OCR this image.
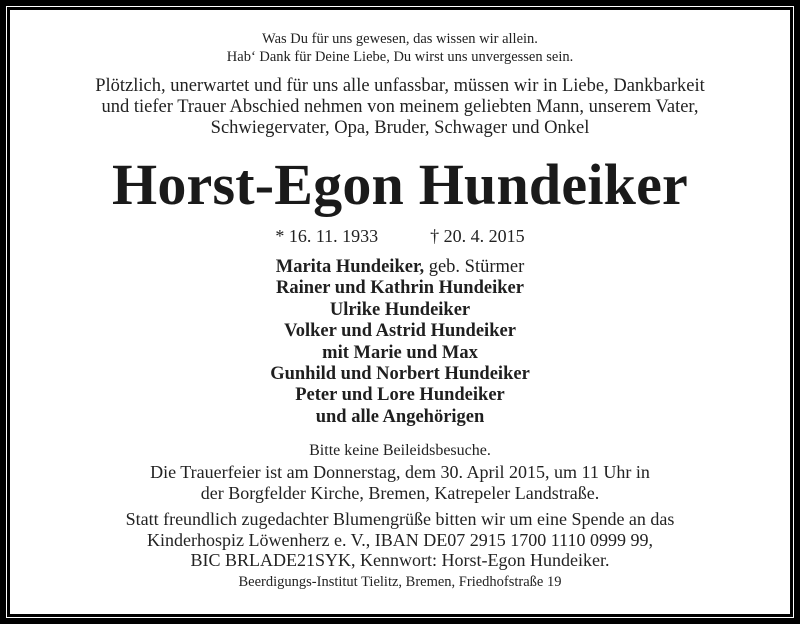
Was Du für uns gewesen, das wissen wir allein.
Hab‘ Dank für Deine Liebe, Du wirst uns unvergessen sein.
Plötzlich, unerwartet und für uns alle unfassbar, müssen wir in Liebe, Dankbarkeit
und tiefer Trauer Abschied nehmen von meinem geliebten Mann, unserem Vater,
Schwiegervater, Opa, Bruder, Schwager und Onkel
Horst-Egon Hundeiker
* 16. 11. 1933	† 20. 4. 2015
Marita Hundeiker, geb. Stürmer
Rainer und Kathrin Hundeiker
Ulrike Hundeiker
Volker und Astrid Hundeiker
mit Marie und Max
Gunhild und Norbert Hundeiker
Peter und Lore Hundeiker
und alle Angehörigen
Bitte keine Beileidsbesuche.
Die Trauerfeier ist am Donnerstag, dem 30. April 2015, um 11 Uhr in
der Borgfelder Kirche, Bremen, Katrepeler Landstraße.
Statt freundlich zugedachter Blumengrüße bitten wir um eine Spende an das
Kinderhospiz Löwenherz e. V., IBAN DE07 2915 1700 1110 0999 99,
BIC BRLADE21SYK, Kennwort: Horst-Egon Hundeiker.
Beerdigungs-Institut Tielitz, Bremen, Friedhofstraße 19
